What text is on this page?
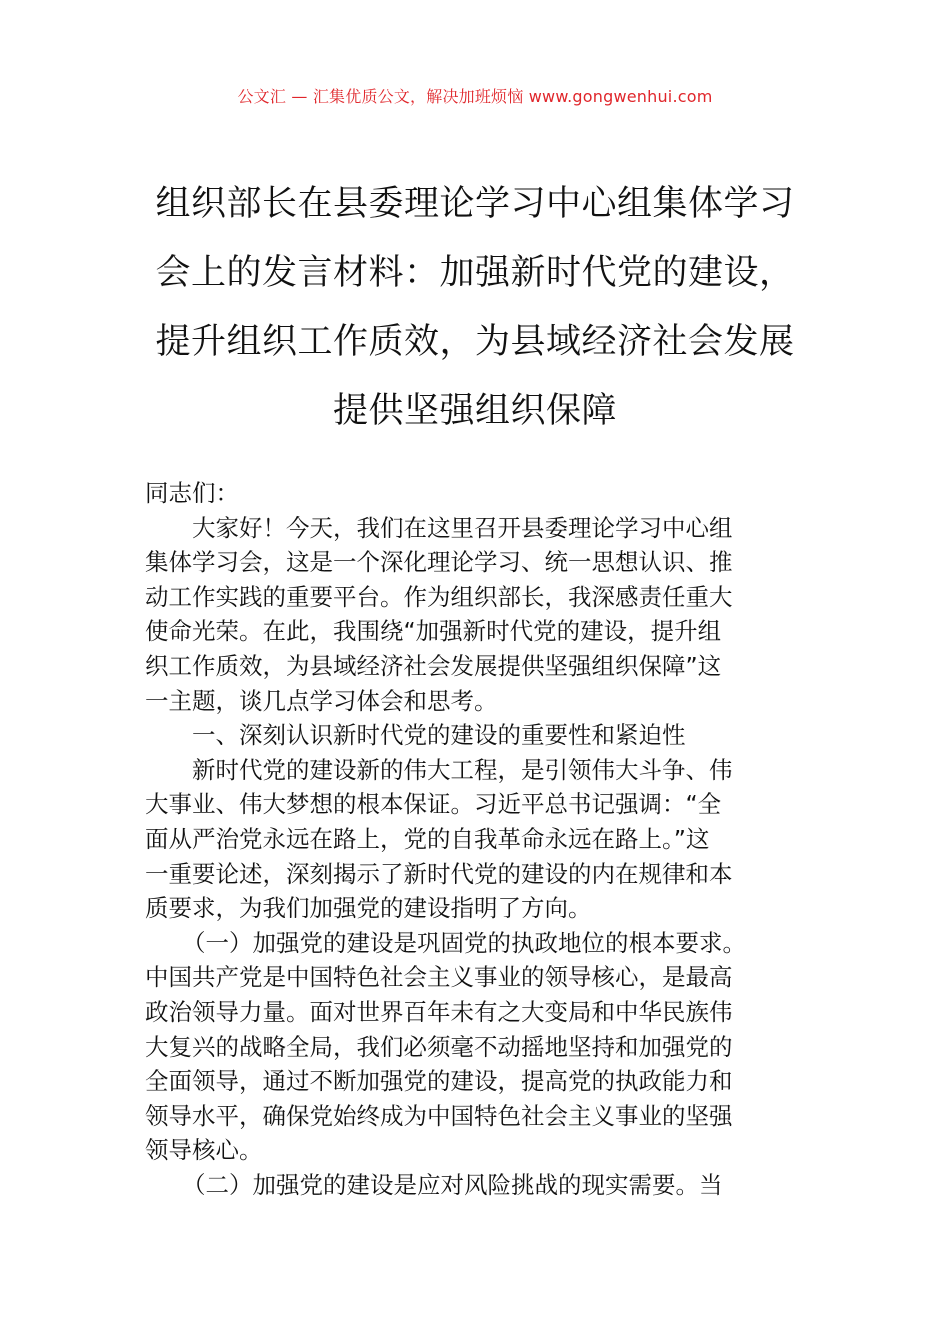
公文汇 — 汇集优质公文，解决加班烦恼 www.gongwenhui.com
组织部长在县委理论学习中心组集体学习
会上的发言材料：加强新时代党的建设，
提升组织工作质效，为县域经济社会发展
提供坚强组织保障

同志们：

大家好！今天，我们在这里召开县委理论学习中心组
集体学习会，这是一个深化理论学习、统一思想认识、推
动工作实践的重要平台。作为组织部长，我深感责任重大
使命光荣。在此，我围绕“加强新时代党的建设，提升组
织工作质效，为县域经济社会发展提供坚强组织保障”这
一主题，谈几点学习体会和思考。

一、深刻认识新时代党的建设的重要性和紧迫性

新时代党的建设新的伟大工程，是引领伟大斗争、伟
大事业、伟大梦想的根本保证。习近平总书记强调：“全
面从严治党永远在路上，党的自我革命永远在路上。”这
一重要论述，深刻揭示了新时代党的建设的内在规律和本
质要求，为我们加强党的建设指明了方向。

（一）加强党的建设是巩固党的执政地位的根本要求。
中国共产党是中国特色社会主义事业的领导核心，是最高
政治领导力量。面对世界百年未有之大变局和中华民族伟
大复兴的战略全局，我们必须毫不动摇地坚持和加强党的
全面领导，通过不断加强党的建设，提高党的执政能力和
领导水平，确保党始终成为中国特色社会主义事业的坚强
领导核心。

（二）加强党的建设是应对风险挑战的现实需要。当
